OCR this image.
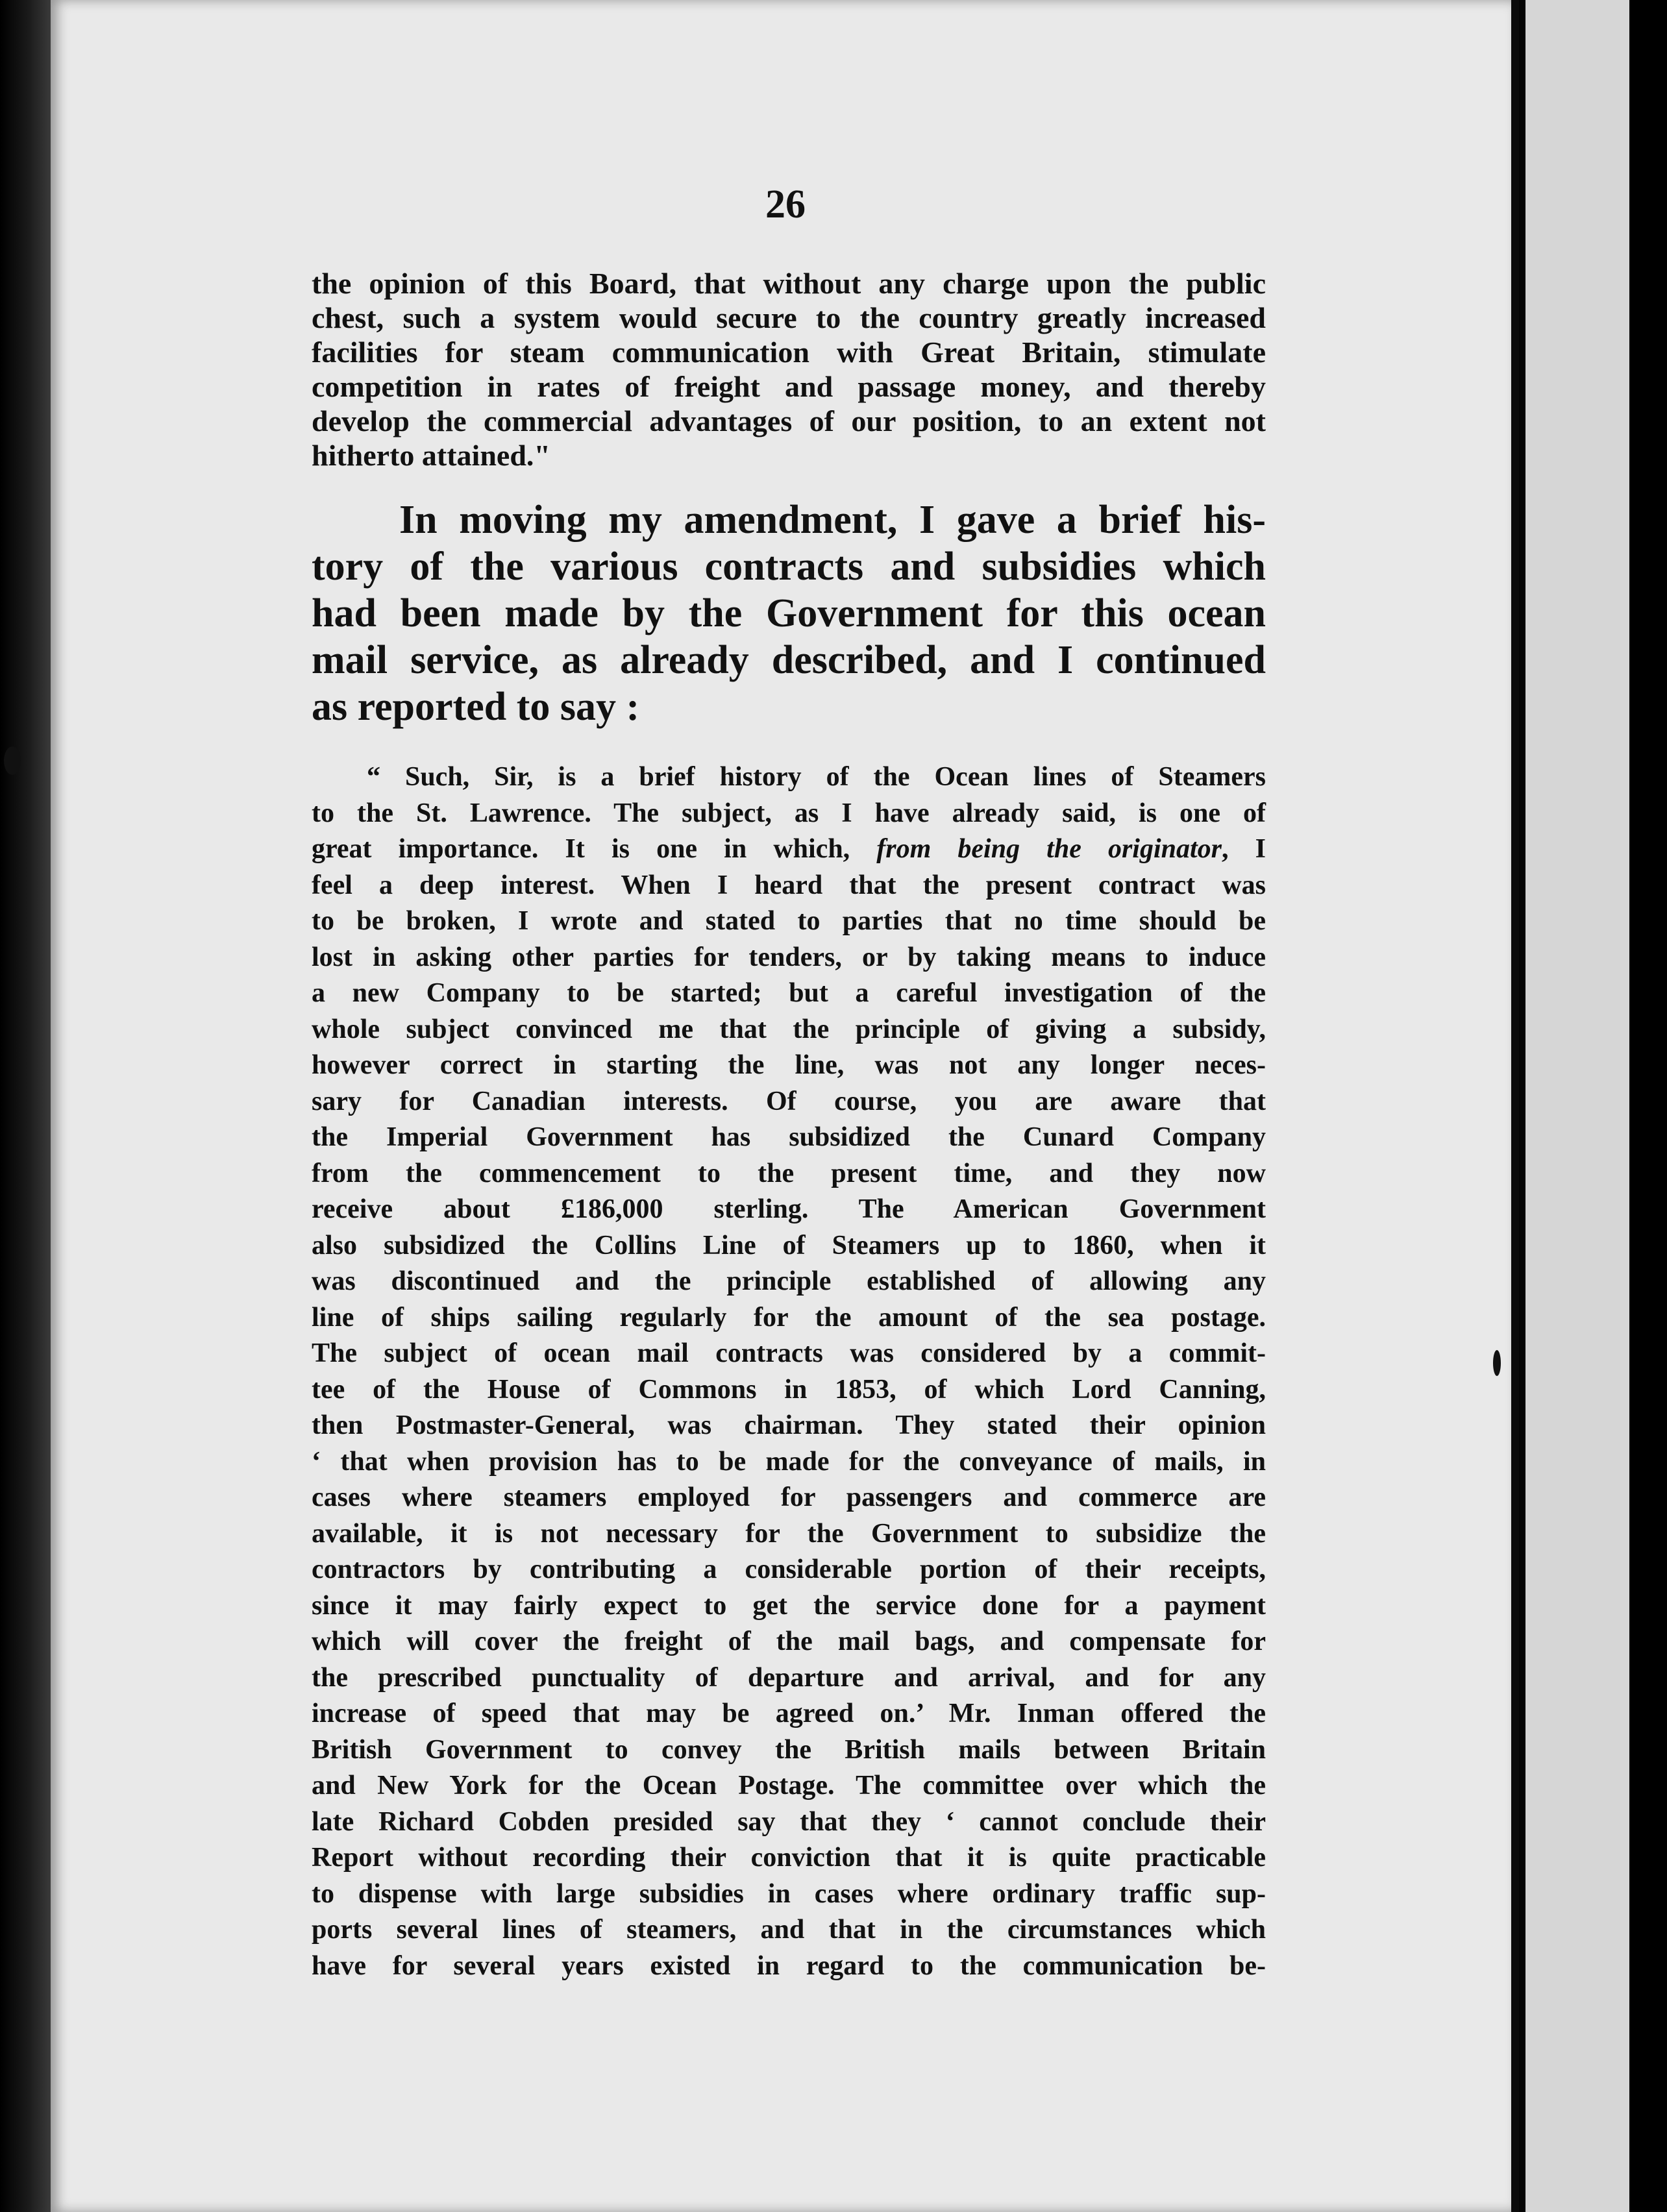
26
the opinion of this Board, that without any charge upon the public
chest, such a system would secure to the country greatly increased
facilities for steam communication with Great Britain, stimulate
competition in rates of freight and passage money, and thereby
develop the commercial advantages of our position, to an extent not
hitherto attained."
In moving my amendment, I gave a brief his-
tory of the various contracts and subsidies which
had been made by the Government for this ocean
mail service, as already described, and I continued
as reported to say :
“ Such, Sir, is a brief history of the Ocean lines of Steamers
to the St. Lawrence. The subject, as I have already said, is one of
great importance. It is one in which, from being the originator, I
feel a deep interest. When I heard that the present contract was
to be broken, I wrote and stated to parties that no time should be
lost in asking other parties for tenders, or by taking means to induce
a new Company to be started; but a careful investigation of the
whole subject convinced me that the principle of giving a subsidy,
however correct in starting the line, was not any longer neces-
sary for Canadian interests. Of course, you are aware that
the Imperial Government has subsidized the Cunard Company
from the commencement to the present time, and they now
receive about £186,000 sterling. The American Government
also subsidized the Collins Line of Steamers up to 1860, when it
was discontinued and the principle established of allowing any
line of ships sailing regularly for the amount of the sea postage.
The subject of ocean mail contracts was considered by a commit-
tee of the House of Commons in 1853, of which Lord Canning,
then Postmaster-General, was chairman. They stated their opinion
‘ that when provision has to be made for the conveyance of mails, in
cases where steamers employed for passengers and commerce are
available, it is not necessary for the Government to subsidize the
contractors by contributing a considerable portion of their receipts,
since it may fairly expect to get the service done for a payment
which will cover the freight of the mail bags, and compensate for
the prescribed punctuality of departure and arrival, and for any
increase of speed that may be agreed on.’ Mr. Inman offered the
British Government to convey the British mails between Britain
and New York for the Ocean Postage. The committee over which the
late Richard Cobden presided say that they ‘ cannot conclude their
Report without recording their conviction that it is quite practicable
to dispense with large subsidies in cases where ordinary traffic sup-
ports several lines of steamers, and that in the circumstances which
have for several years existed in regard to the communication be-
